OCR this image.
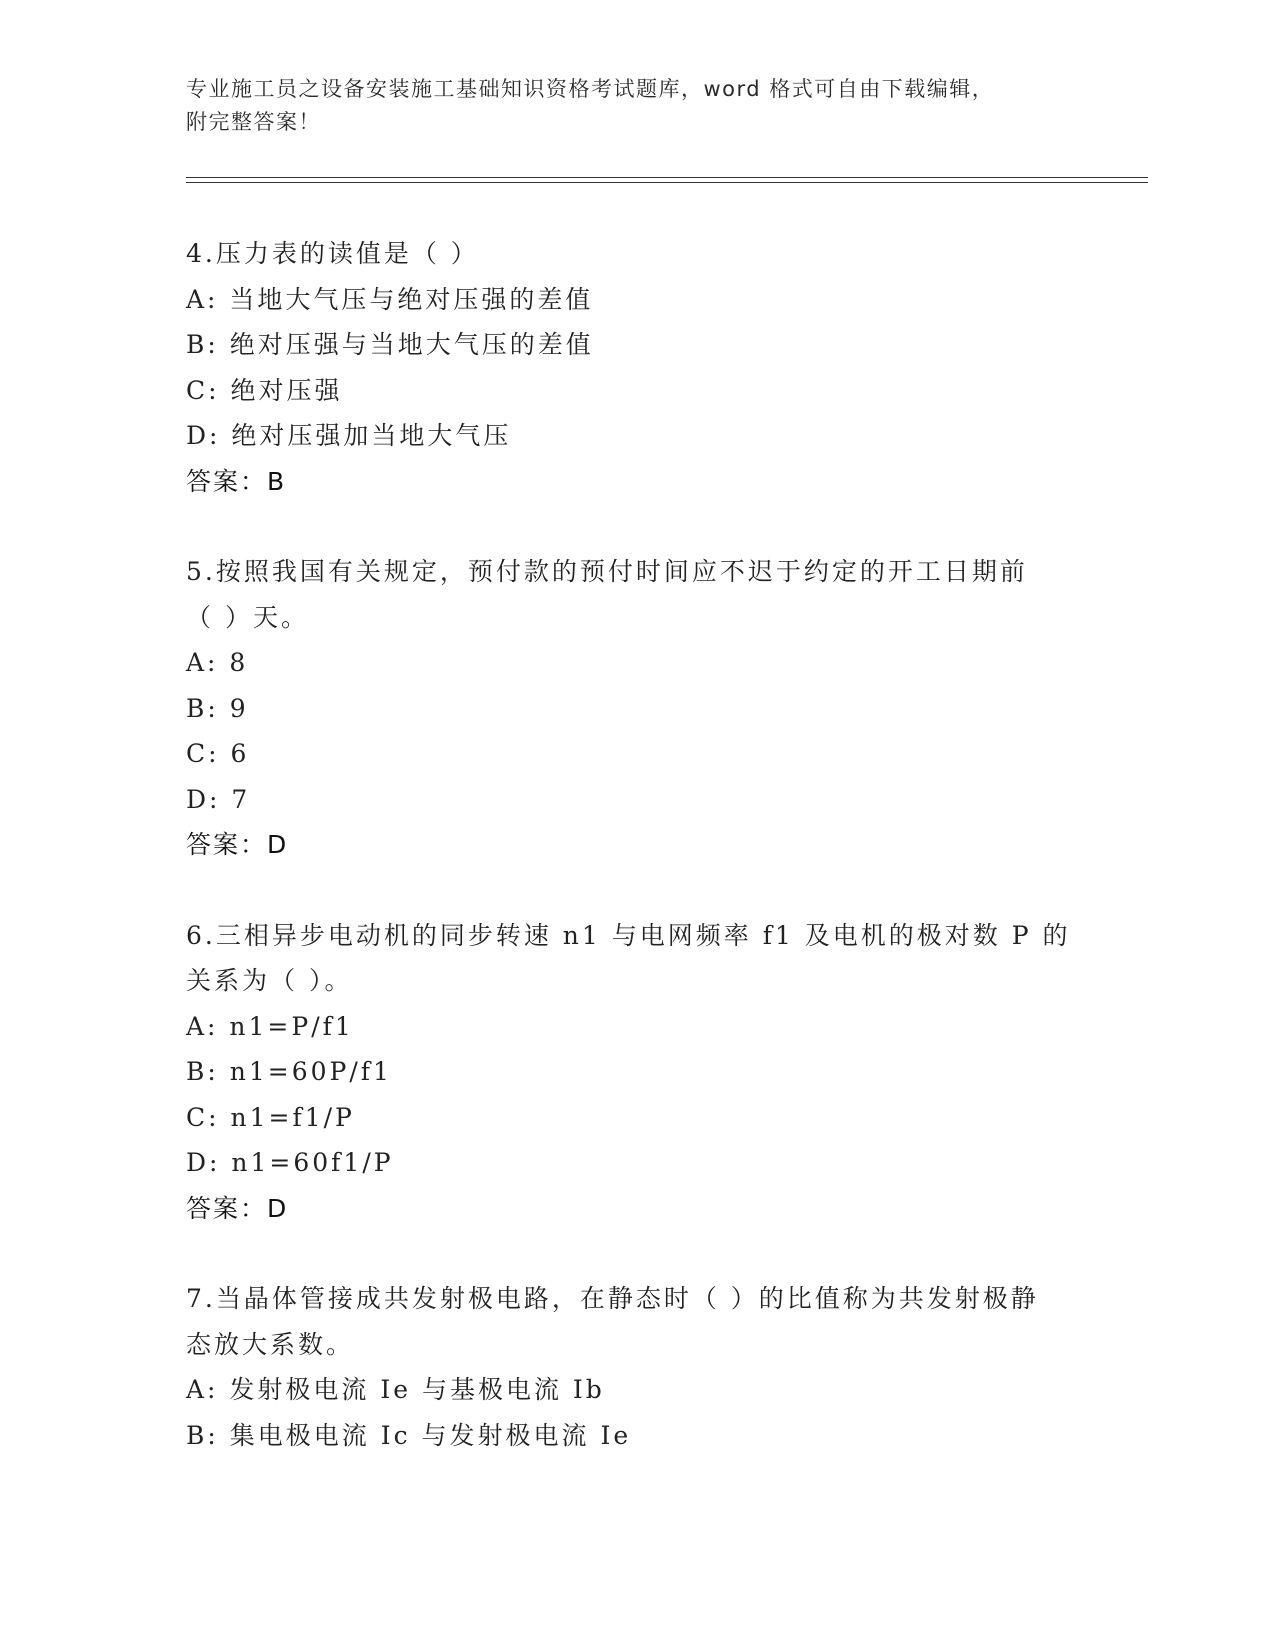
专业施工员之设备安装施工基础知识资格考试题库，word 格式可自由下载编辑，
附完整答案！
4.压力表的读值是（ ）
A: 当地大气压与绝对压强的差值
B: 绝对压强与当地大气压的差值
C: 绝对压强
D: 绝对压强加当地大气压
答案：B
5.按照我国有关规定，预付款的预付时间应不迟于约定的开工日期前
（ ）天。
A: 8
B: 9
C: 6
D: 7
答案：D
6.三相异步电动机的同步转速 n1 与电网频率 f1 及电机的极对数 P 的
关系为（ ）。
A: n1=P/f1
B: n1=60P/f1
C: n1=f1/P
D: n1=60f1/P
答案：D
7.当晶体管接成共发射极电路，在静态时（ ）的比值称为共发射极静
态放大系数。
A: 发射极电流 Ie 与基极电流 Ib
B: 集电极电流 Ic 与发射极电流 Ie
